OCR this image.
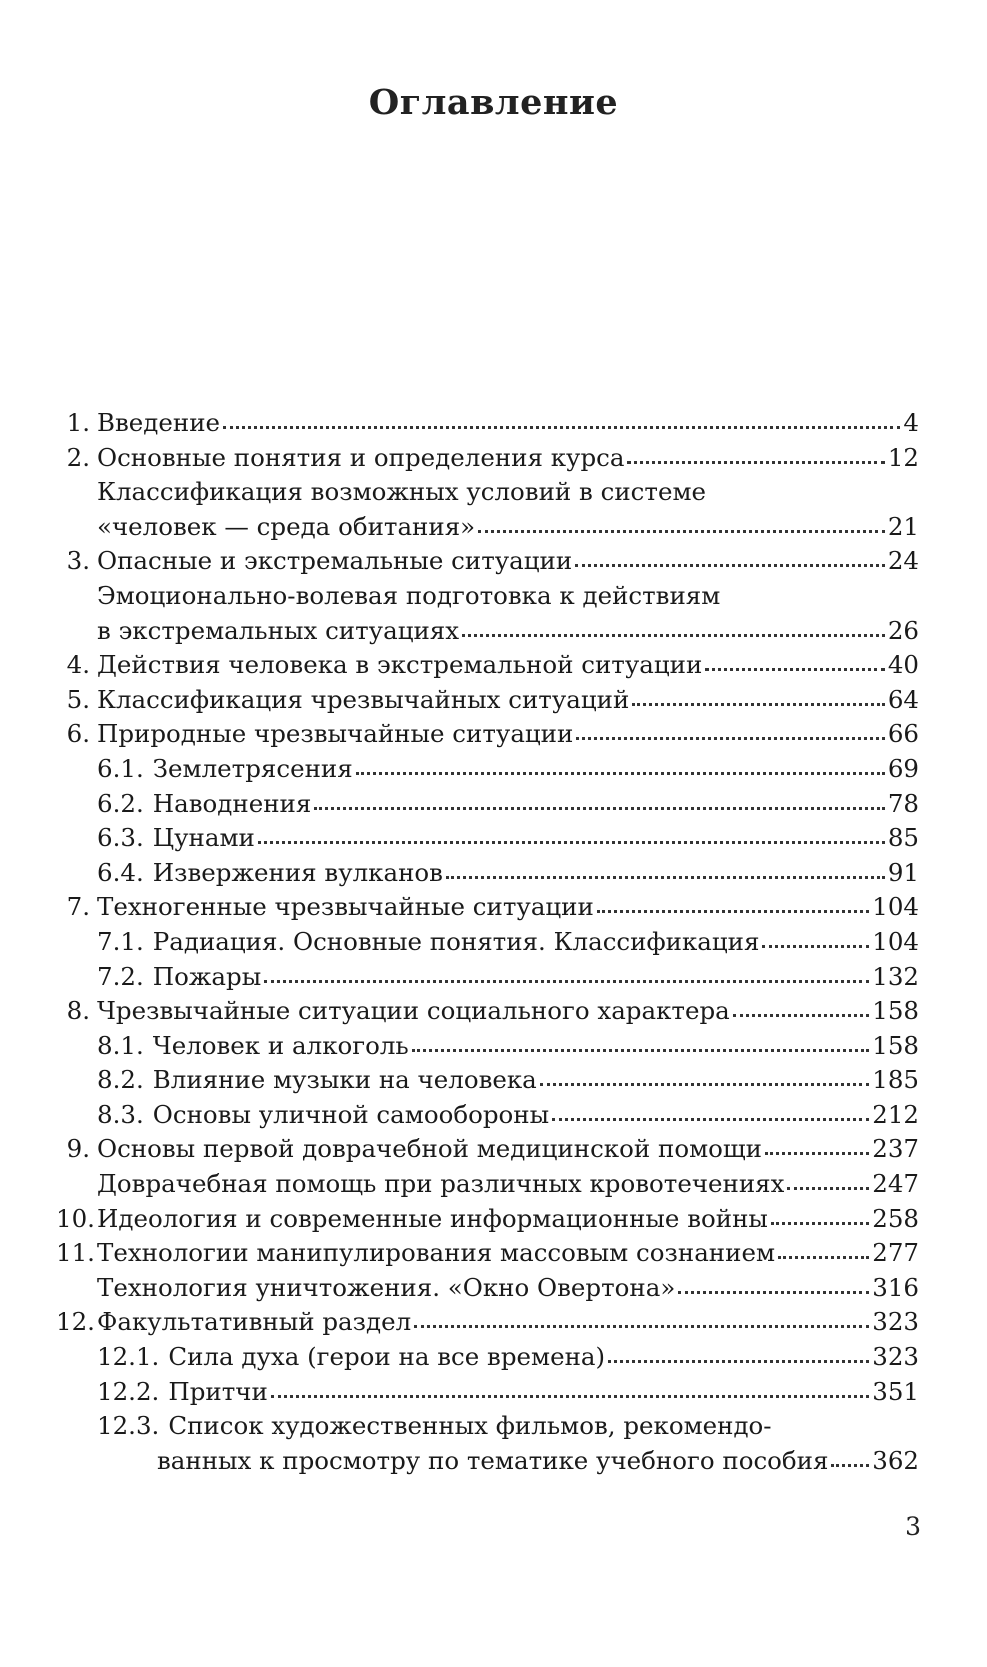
Оглавление
1. Введение	4
2. Основные понятия и определения курса	12
Классификация возможных условий в системе
«человек — среда обитания»	21
3. Опасные и экстремальные ситуации	24
Эмоционально-волевая подготовка к действиям
в экстремальных ситуациях	26
4. Действия человека в экстремальной ситуации	40
5. Классификация чрезвычайных ситуаций	64
6. Природные чрезвычайные ситуации	66
6.1. Землетрясения	69
6.2. Наводнения	78
6.3. Цунами	85
6.4. Извержения вулканов	91
7. Техногенные чрезвычайные ситуации	104
7.1. Радиация. Основные понятия. Классификация	104
7.2. Пожары	132
8. Чрезвычайные ситуации социального характера	158
8.1. Человек и алкоголь	158
8.2. Влияние музыки на человека	185
8.3. Основы уличной самообороны	212
9. Основы первой доврачебной медицинской помощи	237
Доврачебная помощь при различных кровотечениях	247
10. Идеология и современные информационные войны	258
11. Технологии манипулирования массовым сознанием	277
Технология уничтожения. «Окно Овертона»	316
12. Факультативный раздел	323
12.1. Сила духа (герои на все времена)	323
12.2. Притчи	351
12.3. Список художественных фильмов, рекомендо-
ванных к просмотру по тематике учебного пособия 362
3
